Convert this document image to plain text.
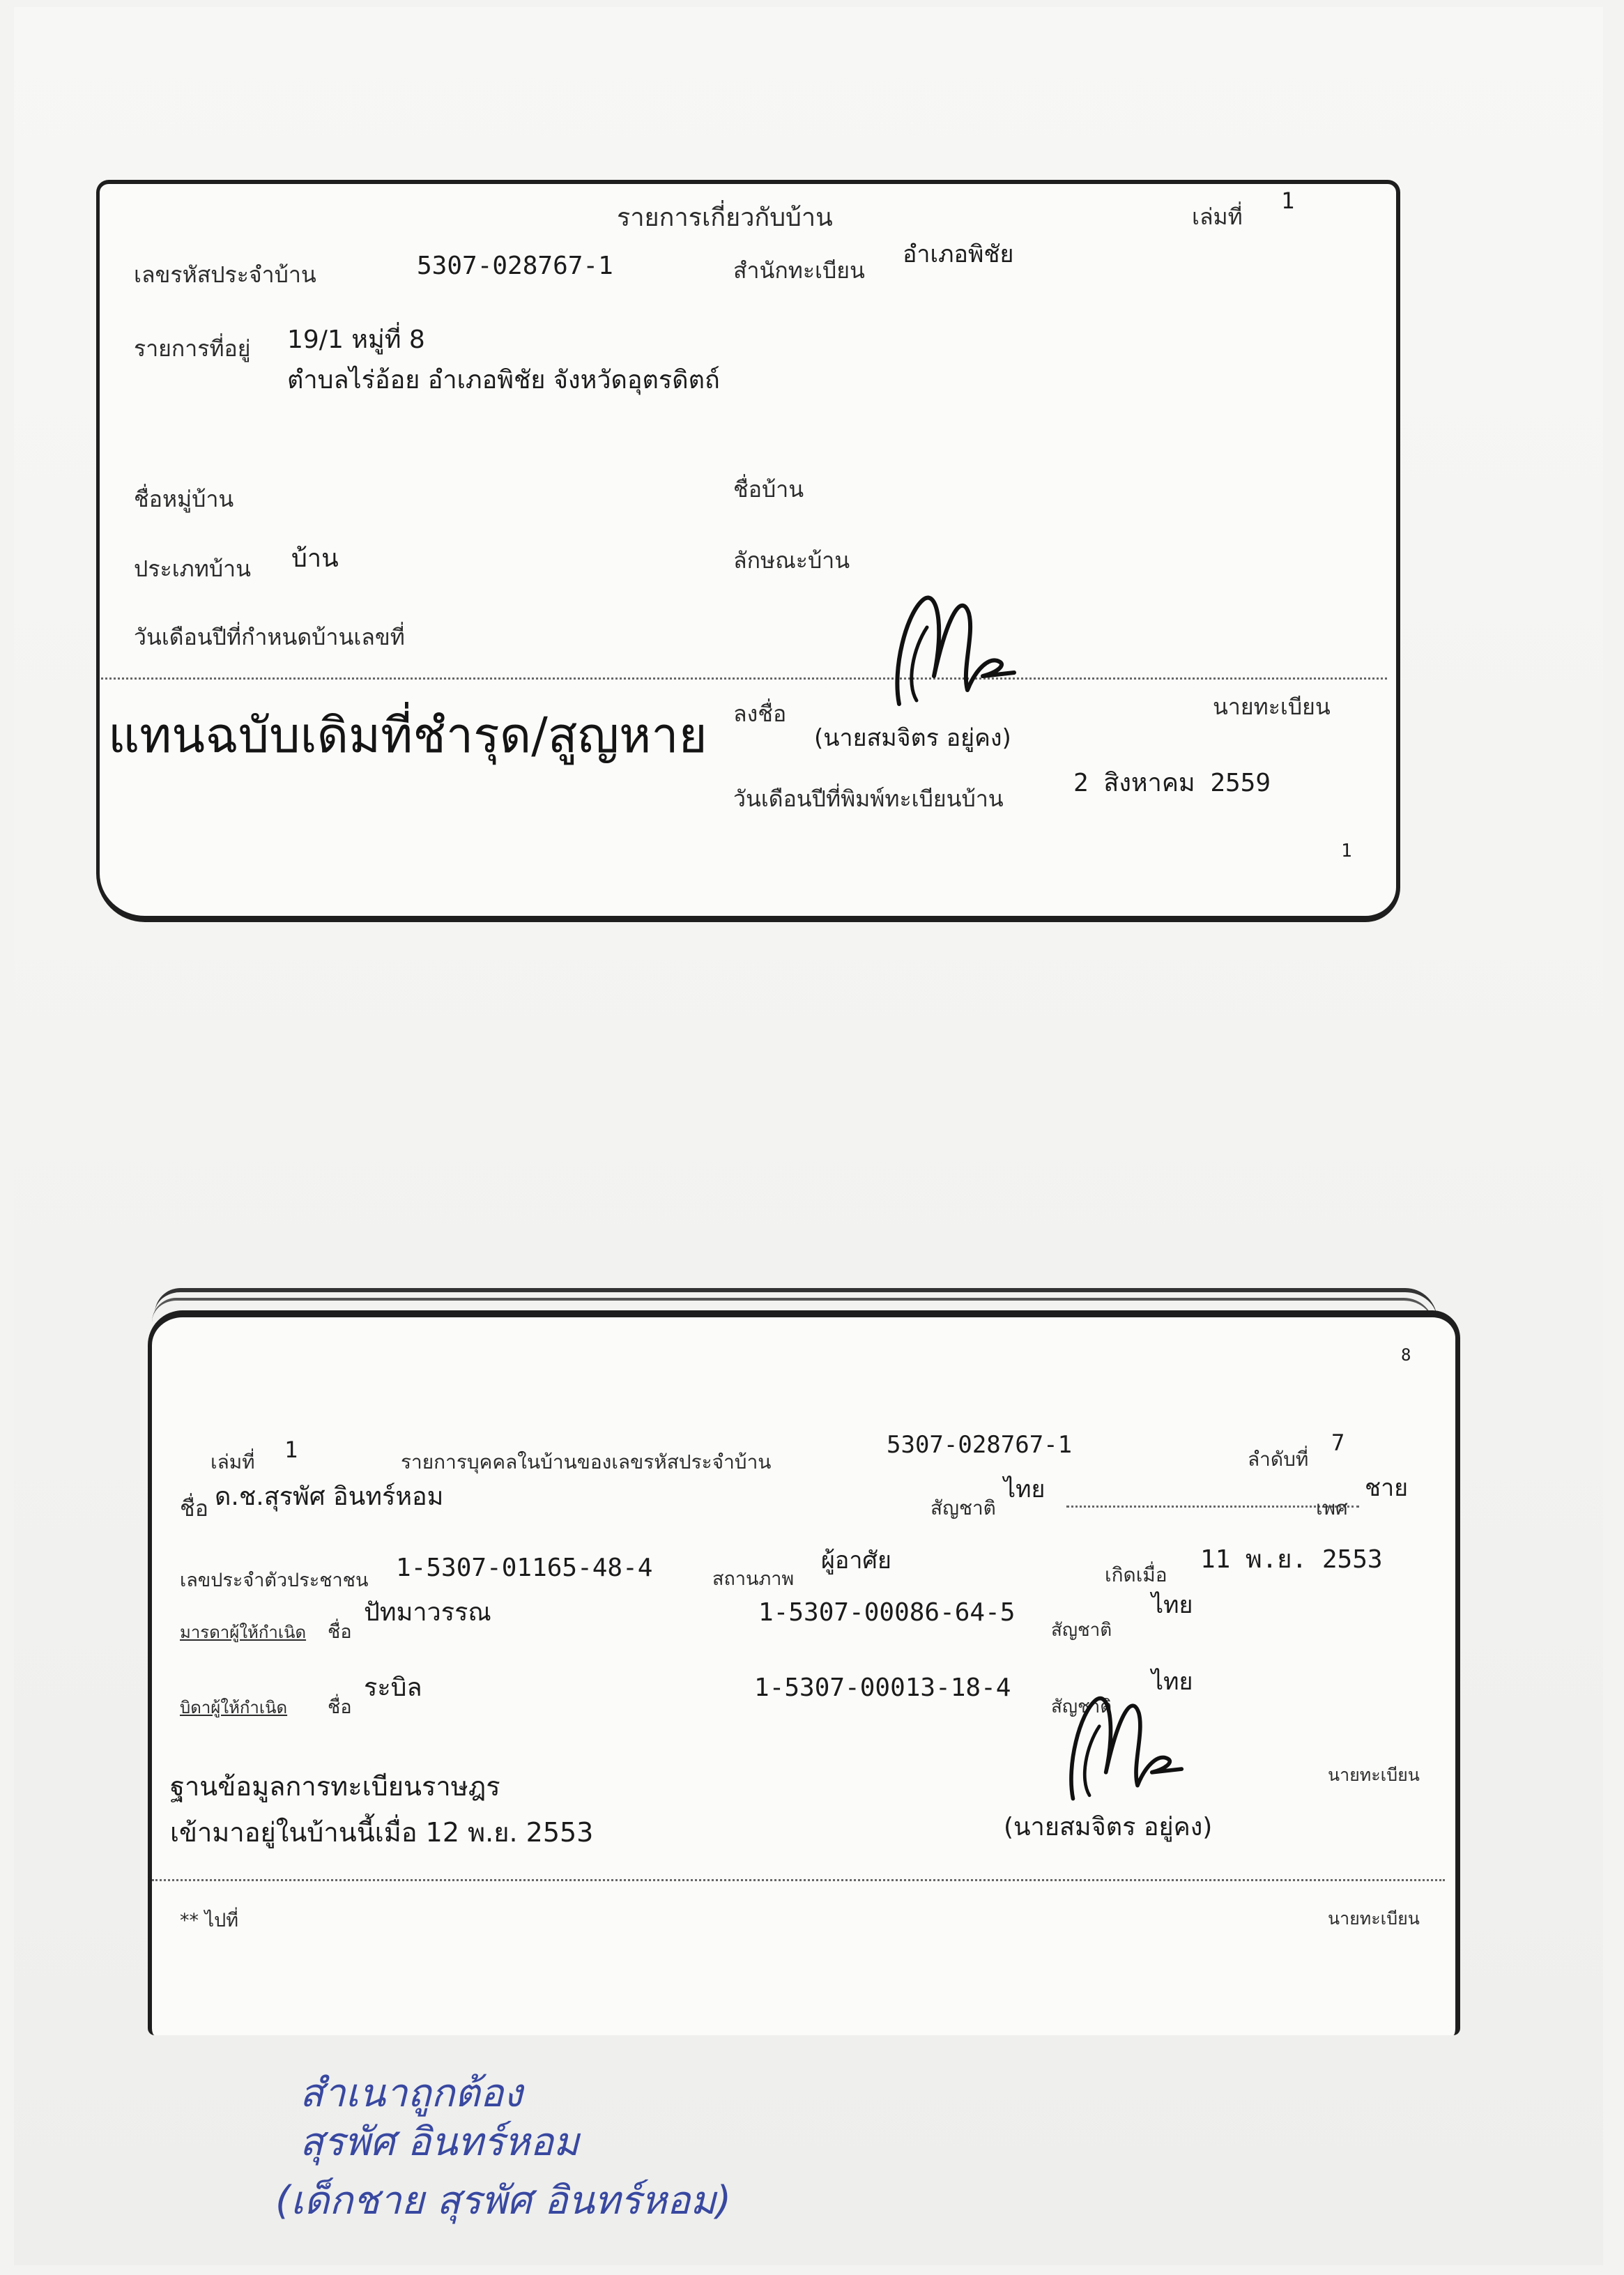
รายการเกี่ยวกับบ้าน	เล่มที่
1
เลขรหัสประจำบ้าน	5307-028767-1	สำนักทะเบียน
อำเภอพิชัย
รายการที่อยู่ 19/1 หมู่ที่ 8
ตำบลไร่อ้อย อำเภอพิชัย จังหวัดอุตรดิตถ์
ชื่อหมู่บ้าน	ชื่อบ้าน
ประเภทบ้าน บ้าน	ลักษณะบ้าน
วันเดือนปีที่กำหนดบ้านเลขที่
แทนฉบับเดิมที่ชำรุด/สูญหาย ลงชื่อ
(นายสมจิตร อยู่คง)
นายทะเบียน
วันเดือนปีที่พิมพ์ทะเบียนบ้าน
2 สิงหาคม 2559
1
8
เล่มที่ 1	รายการบุคคลในบ้านของเลขรหัสประจำบ้าน
5307-028767-1
ลำดับที่
7
ชื่อ ด.ช.สุรพัศ อินทร์หอม	สัญชาติ
ไทย
เพศ
ชาย
เลขประจำตัวประชาชน 1-5307-01165-48-4	สถานภาพ
ผู้อาศัย
เกิดเมื่อ
11 พ.ย. 2553
มารดาผู้ให้กำเนิด ชื่อ
ปัทมาวรรณ	1-5307-00086-64-5
สัญชาติ
ไทย
บิดาผู้ให้กำเนิด ชื่อ
ระบิล	1-5307-00013-18-4
สัญชาติ
ไทย
นายทะเบียน
ฐานข้อมูลการทะเบียนราษฎร
เข้ามาอยู่ในบ้านนี้เมื่อ 12 พ.ย. 2553	(นายสมจิตร อยู่คง)
** ไปที่	นายทะเบียน
สำเนาถูกต้อง
สุรพัศ อินทร์หอม
(เด็กชาย สุรพัศ อินทร์หอม)
